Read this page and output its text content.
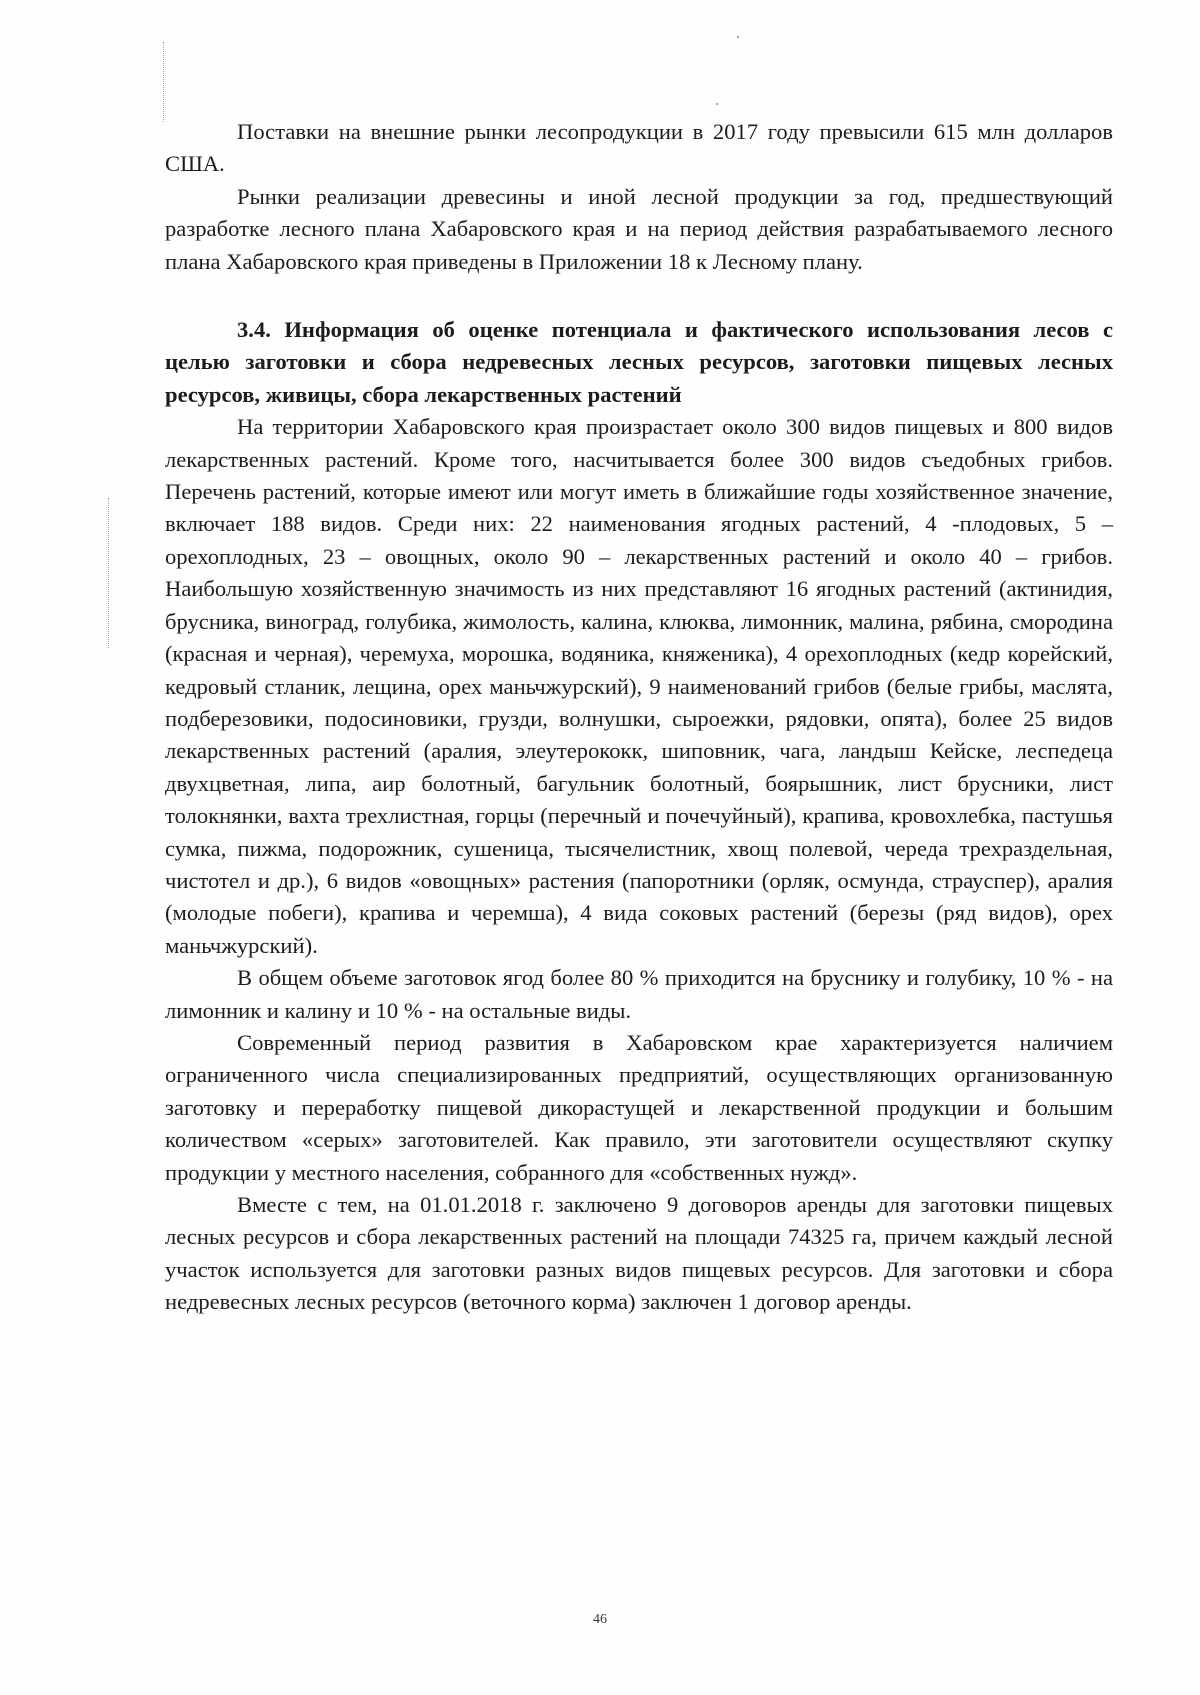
Поставки на внешние рынки лесопродукции в 2017 году превысили 615 млн долларов США.

Рынки реализации древесины и иной лесной продукции за год, предшествующий разработке лесного плана Хабаровского края и на период действия разрабатываемого лесного плана Хабаровского края приведены в Приложении 18 к Лесному плану.

3.4. Информация об оценке потенциала и фактического использования лесов с целью заготовки и сбора недревесных лесных ресурсов, заготовки пищевых лесных ресурсов, живицы, сбора лекарственных растений

На территории Хабаровского края произрастает около 300 видов пищевых и 800 видов лекарственных растений. Кроме того, насчитывается более 300 видов съедобных грибов. Перечень растений, которые имеют или могут иметь в ближайшие годы хозяйственное значение, включает 188 видов. Среди них: 22 наименования ягодных растений, 4 -плодовых, 5 – орехоплодных, 23 – овощных, около 90 – лекарственных растений и около 40 – грибов. Наибольшую хозяйственную значимость из них представляют 16 ягодных растений (актинидия, брусника, виноград, голубика, жимолость, калина, клюква, лимонник, малина, рябина, смородина (красная и черная), черемуха, морошка, водяника, княженика), 4 орехоплодных (кедр корейский, кедровый стланик, лещина, орех маньчжурский), 9 наименований грибов (белые грибы, маслята, подберезовики, подосиновики, грузди, волнушки, сыроежки, рядовки, опята), более 25 видов лекарственных растений (аралия, элеутерококк, шиповник, чага, ландыш Кейске, леспедеца двухцветная, липа, аир болотный, багульник болотный, боярышник, лист брусники, лист толокнянки, вахта трехлистная, горцы (перечный и почечуйный), крапива, кровохлебка, пастушья сумка, пижма, подорожник, сушеница, тысячелистник, хвощ полевой, череда трехраздельная, чистотел и др.), 6 видов «овощных» растения (папоротники (орляк, осмунда, страуспер), аралия (молодые побеги), крапива и черемша), 4 вида соковых растений (березы (ряд видов), орех маньчжурский).

В общем объеме заготовок ягод более 80 % приходится на бруснику и голубику, 10 % - на лимонник и калину и 10 % - на остальные виды.

Современный период развития в Хабаровском крае характеризуется наличием ограниченного числа специализированных предприятий, осуществляющих организованную заготовку и переработку пищевой дикорастущей и лекарственной продукции и большим количеством «серых» заготовителей. Как правило, эти заготовители осуществляют скупку продукции у местного населения, собранного для «собственных нужд».

Вместе с тем, на 01.01.2018 г. заключено 9 договоров аренды для заготовки пищевых лесных ресурсов и сбора лекарственных растений на площади 74325 га, причем каждый лесной участок используется для заготовки разных видов пищевых ресурсов. Для заготовки и сбора недревесных лесных ресурсов (веточного корма) заключен 1 договор аренды.

46
